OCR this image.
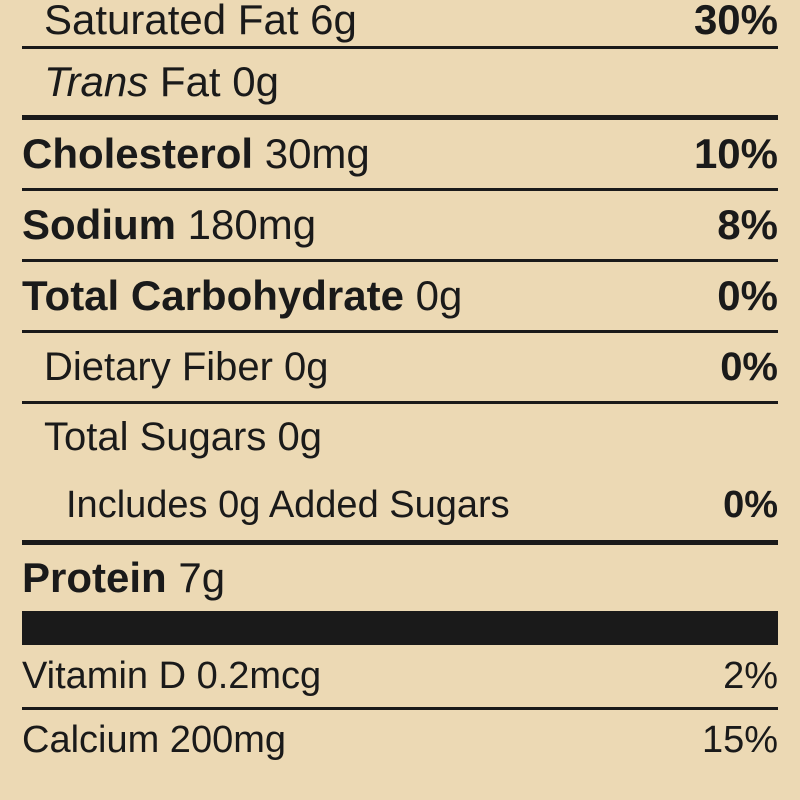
Saturated Fat 6g	30%
Trans Fat 0g
Cholesterol 30mg	10%
Sodium 180mg	8%
Total Carbohydrate 0g	0%
Dietary Fiber 0g	0%
Total Sugars 0g
Includes 0g Added Sugars	0%
Protein 7g
Vitamin D 0.2mcg	2%
Calcium 200mg	15%
